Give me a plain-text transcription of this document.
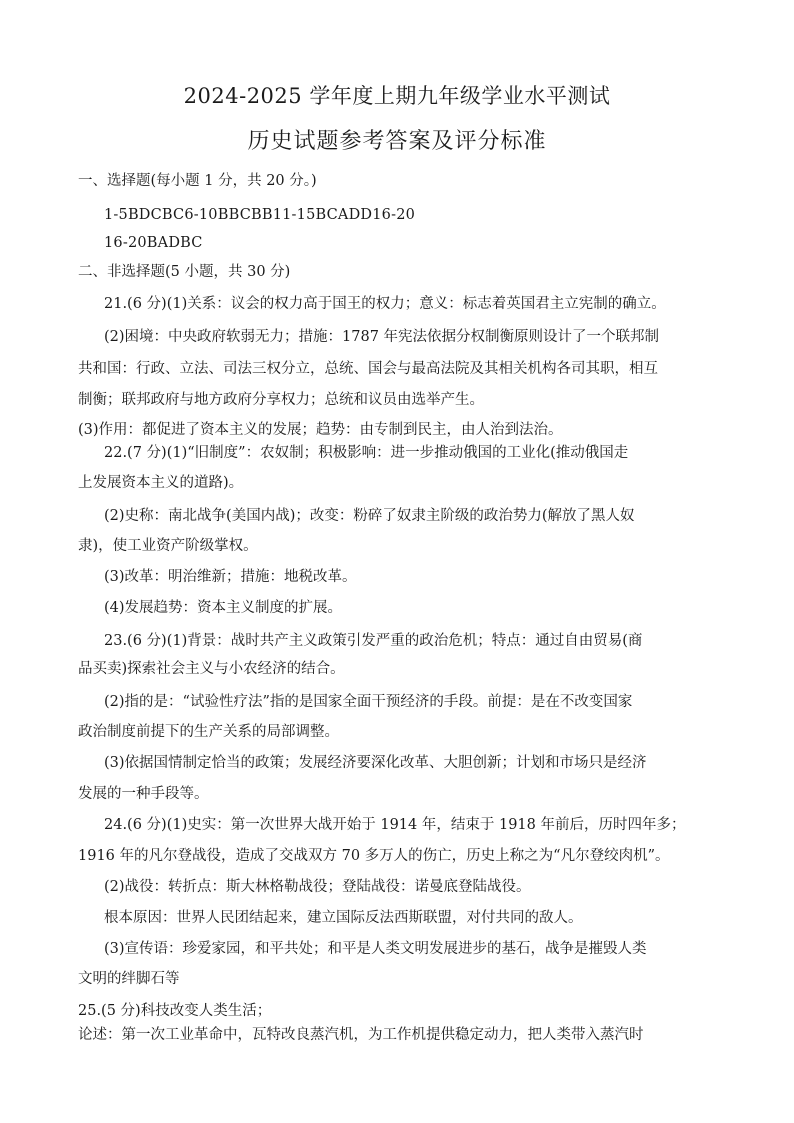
2024-2025 学年度上期九年级学业水平测试
历史试题参考答案及评分标准
一、选择题(每小题 1 分，共 20 分。)
1-5BDCBC6-10BBCBB11-15BCADD16-20
16-20BADBC
二、非选择题(5 小题，共 30 分)
21.(6 分)(1)关系：议会的权力高于国王的权力；意义：标志着英国君主立宪制的确立。
(2)困境：中央政府软弱无力；措施：1787 年宪法依据分权制衡原则设计了一个联邦制
共和国：行政、立法、司法三权分立，总统、国会与最高法院及其相关机构各司其职，相互
制衡；联邦政府与地方政府分享权力；总统和议员由选举产生。
(3)作用：都促进了资本主义的发展；趋势：由专制到民主，由人治到法治。
22.(7 分)(1)“旧制度”：农奴制；积极影响：进一步推动俄国的工业化(推动俄国走
上发展资本主义的道路)。
(2)史称：南北战争(美国内战)；改变：粉碎了奴隶主阶级的政治势力(解放了黑人奴
隶)，使工业资产阶级掌权。
(3)改革：明治维新；措施：地税改革。
(4)发展趋势：资本主义制度的扩展。
23.(6 分)(1)背景：战时共产主义政策引发严重的政治危机；特点：通过自由贸易(商
品买卖)探索社会主义与小农经济的结合。
(2)指的是：“试验性疗法”指的是国家全面干预经济的手段。前提：是在不改变国家
政治制度前提下的生产关系的局部调整。
(3)依据国情制定恰当的政策；发展经济要深化改革、大胆创新；计划和市场只是经济
发展的一种手段等。
24.(6 分)(1)史实：第一次世界大战开始于 1914 年，结束于 1918 年前后，历时四年多；
1916 年的凡尔登战役，造成了交战双方 70 多万人的伤亡，历史上称之为“凡尔登绞肉机”。
(2)战役：转折点：斯大林格勒战役；登陆战役：诺曼底登陆战役。
根本原因：世界人民团结起来，建立国际反法西斯联盟，对付共同的敌人。
(3)宣传语：珍爱家园，和平共处；和平是人类文明发展进步的基石，战争是摧毁人类
文明的绊脚石等
25.(5 分)科技改变人类生活；
论述：第一次工业革命中，瓦特改良蒸汽机，为工作机提供稳定动力，把人类带入蒸汽时
